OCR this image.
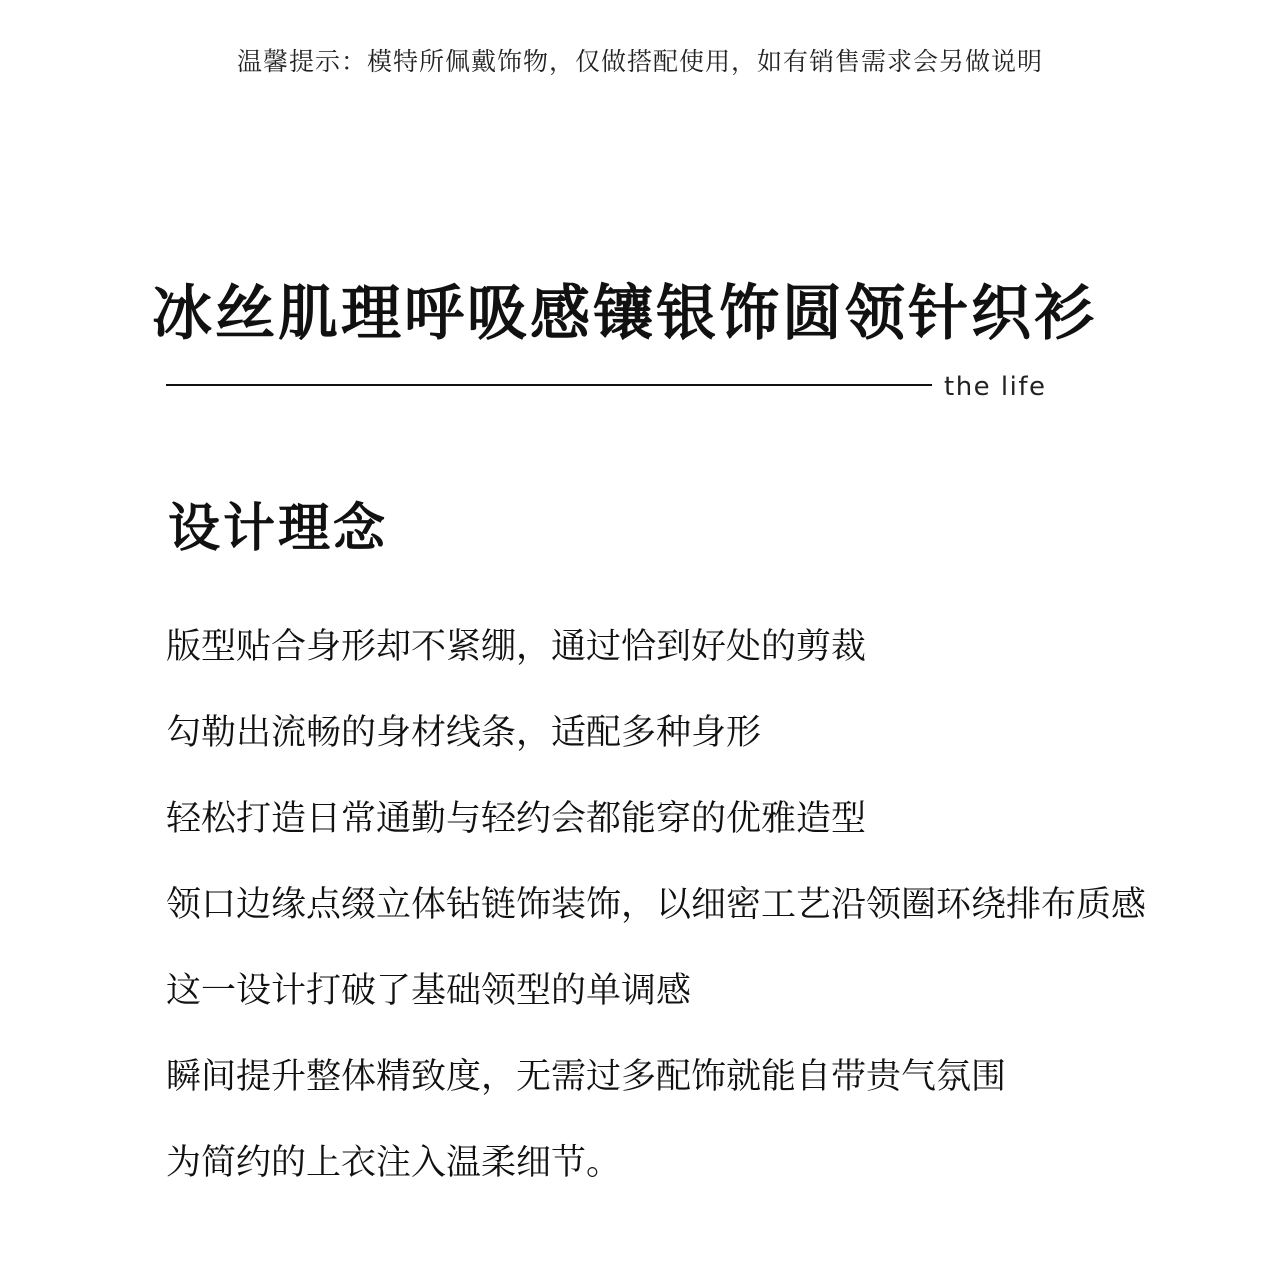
温馨提示：模特所佩戴饰物，仅做搭配使用，如有销售需求会另做说明
冰丝肌理呼吸感镶银饰圆领针织衫
the life
设计理念
版型贴合身形却不紧绷，通过恰到好处的剪裁
勾勒出流畅的身材线条，适配多种身形
轻松打造日常通勤与轻约会都能穿的优雅造型
领口边缘点缀立体钻链饰装饰，以细密工艺沿领圈环绕排布质感
这一设计打破了基础领型的单调感
瞬间提升整体精致度，无需过多配饰就能自带贵气氛围
为简约的上衣注入温柔细节。
